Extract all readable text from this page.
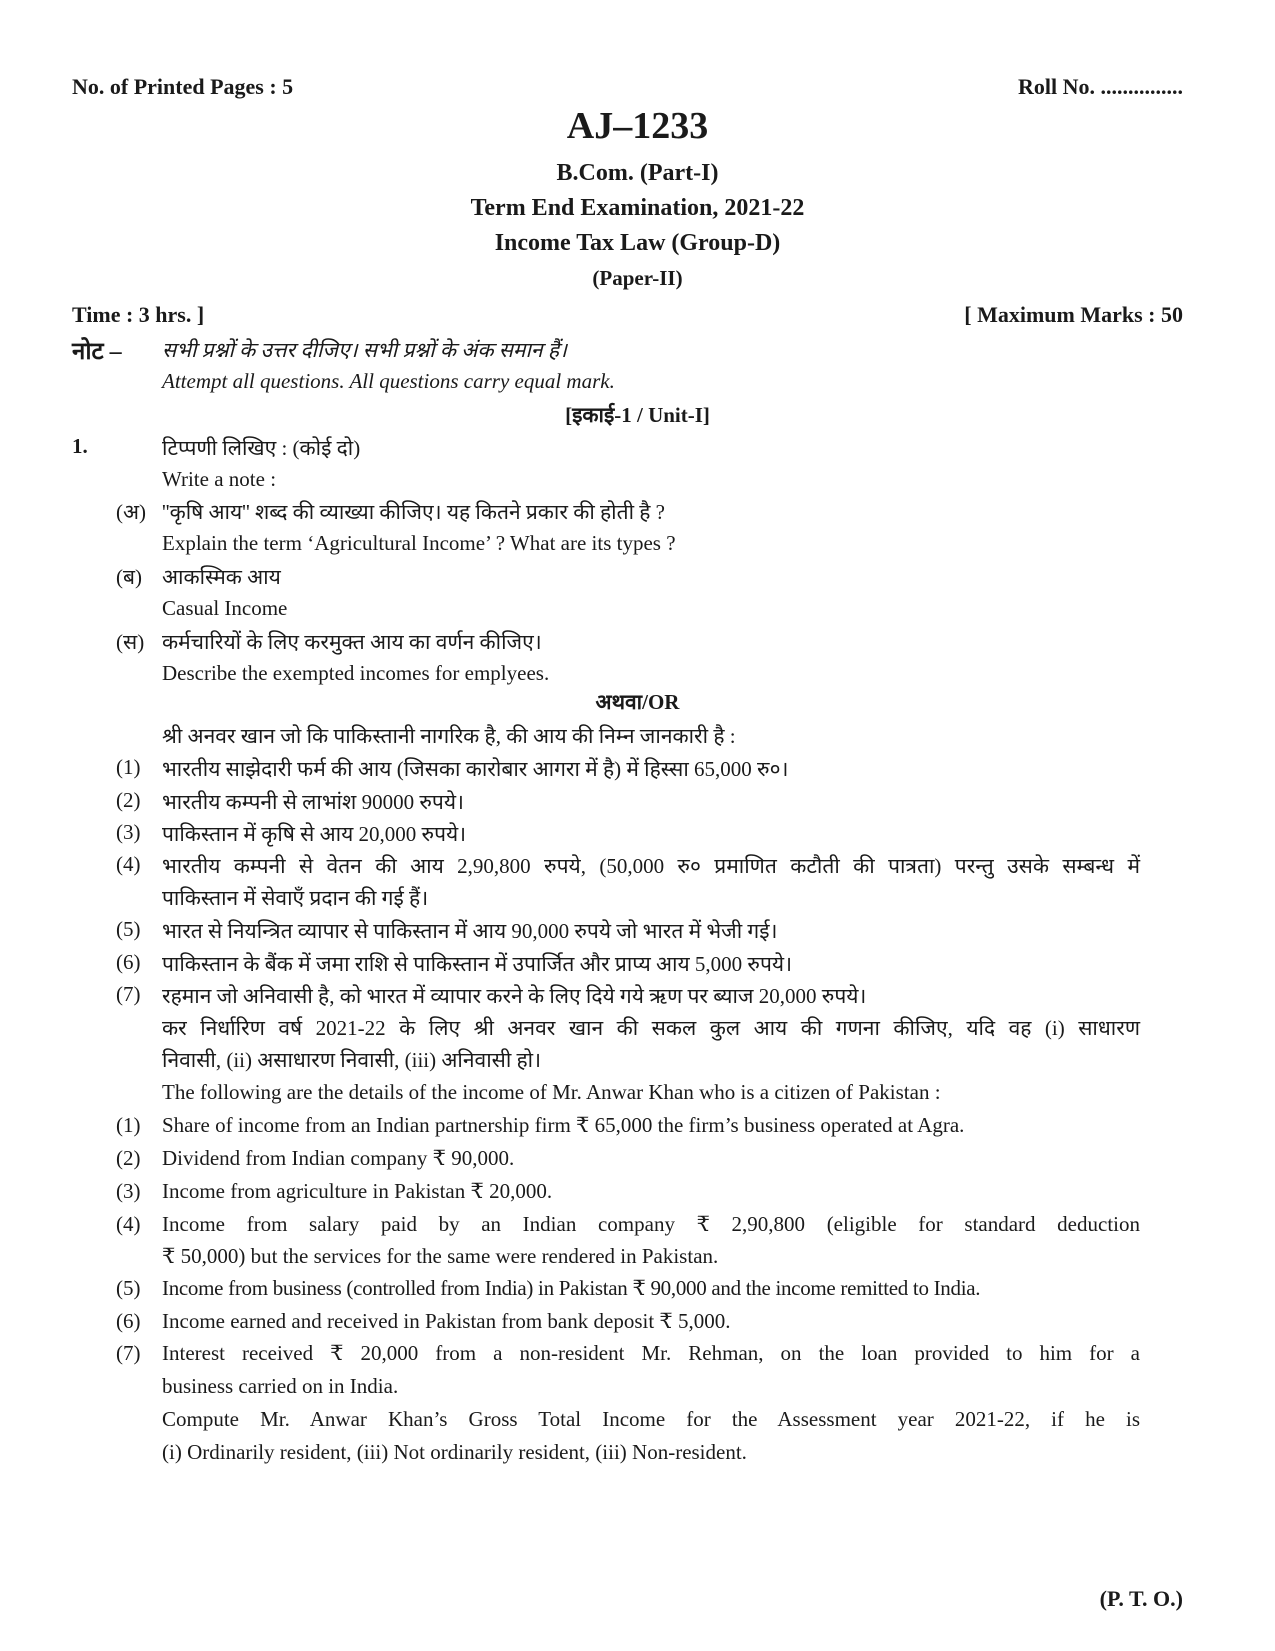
No. of Printed Pages : 5	Roll No. ...............
AJ–1233
B.Com. (Part-I)
Term End Examination, 2021-22
Income Tax Law (Group-D)
(Paper-II)
Time : 3 hrs. ]	[ Maximum Marks : 50
नोट – सभी प्रश्नों के उत्तर दीजिए। सभी प्रश्नों के अंक समान हैं।
Attempt all questions. All questions carry equal mark.
[इकाई-1 / Unit-I]
1.	टिप्पणी लिखिए : (कोई दो)
Write a note :
(अ) ''कृषि आय'' शब्द की व्याख्या कीजिए। यह कितने प्रकार की होती है ?
Explain the term ‘Agricultural Income’ ? What are its types ?
(ब) आकस्मिक आय
Casual Income
(स) कर्मचारियों के लिए करमुक्त आय का वर्णन कीजिए।
Describe the exempted incomes for emplyees.
अथवा/OR
श्री अनवर खान जो कि पाकिस्तानी नागरिक है, की आय की निम्न जानकारी है :
(1) भारतीय साझेदारी फर्म की आय (जिसका कारोबार आगरा में है) में हिस्सा 65,000 रु०।
(2) भारतीय कम्पनी से लाभांश 90000 रुपये।
(3) पाकिस्तान में कृषि से आय 20,000 रुपये।
(4) भारतीय कम्पनी से वेतन की आय 2,90,800 रुपये, (50,000 रु० प्रमाणित कटौती की पात्रता) परन्तु उसके सम्बन्ध में
पाकिस्तान में सेवाएँ प्रदान की गई हैं।
(5) भारत से नियन्त्रित व्यापार से पाकिस्तान में आय 90,000 रुपये जो भारत में भेजी गई।
(6) पाकिस्तान के बैंक में जमा राशि से पाकिस्तान में उपार्जित और प्राप्य आय 5,000 रुपये।
(7) रहमान जो अनिवासी है, को भारत में व्यापार करने के लिए दिये गये ऋण पर ब्याज 20,000 रुपये।
कर निर्धारिण वर्ष 2021-22 के लिए श्री अनवर खान की सकल कुल आय की गणना कीजिए, यदि वह (i) साधारण
निवासी, (ii) असाधारण निवासी, (iii) अनिवासी हो।
The following are the details of the income of Mr. Anwar Khan who is a citizen of Pakistan :
(1) Share of income from an Indian partnership firm ₹ 65,000 the firm’s business operated at Agra.
(2) Dividend from Indian company ₹ 90,000.
(3) Income from agriculture in Pakistan ₹ 20,000.
(4) Income from salary paid by an Indian company ₹ 2,90,800 (eligible for standard deduction
₹ 50,000) but the services for the same were rendered in Pakistan.
(5) Income from business (controlled from India) in Pakistan ₹ 90,000 and the income remitted to India.
(6) Income earned and received in Pakistan from bank deposit ₹ 5,000.
(7) Interest received ₹ 20,000 from a non-resident Mr. Rehman, on the loan provided to him for a
business carried on in India.
Compute Mr. Anwar Khan’s Gross Total Income for the Assessment year 2021-22, if he is
(i) Ordinarily resident, (iii) Not ordinarily resident, (iii) Non-resident.
(P. T. O.)
